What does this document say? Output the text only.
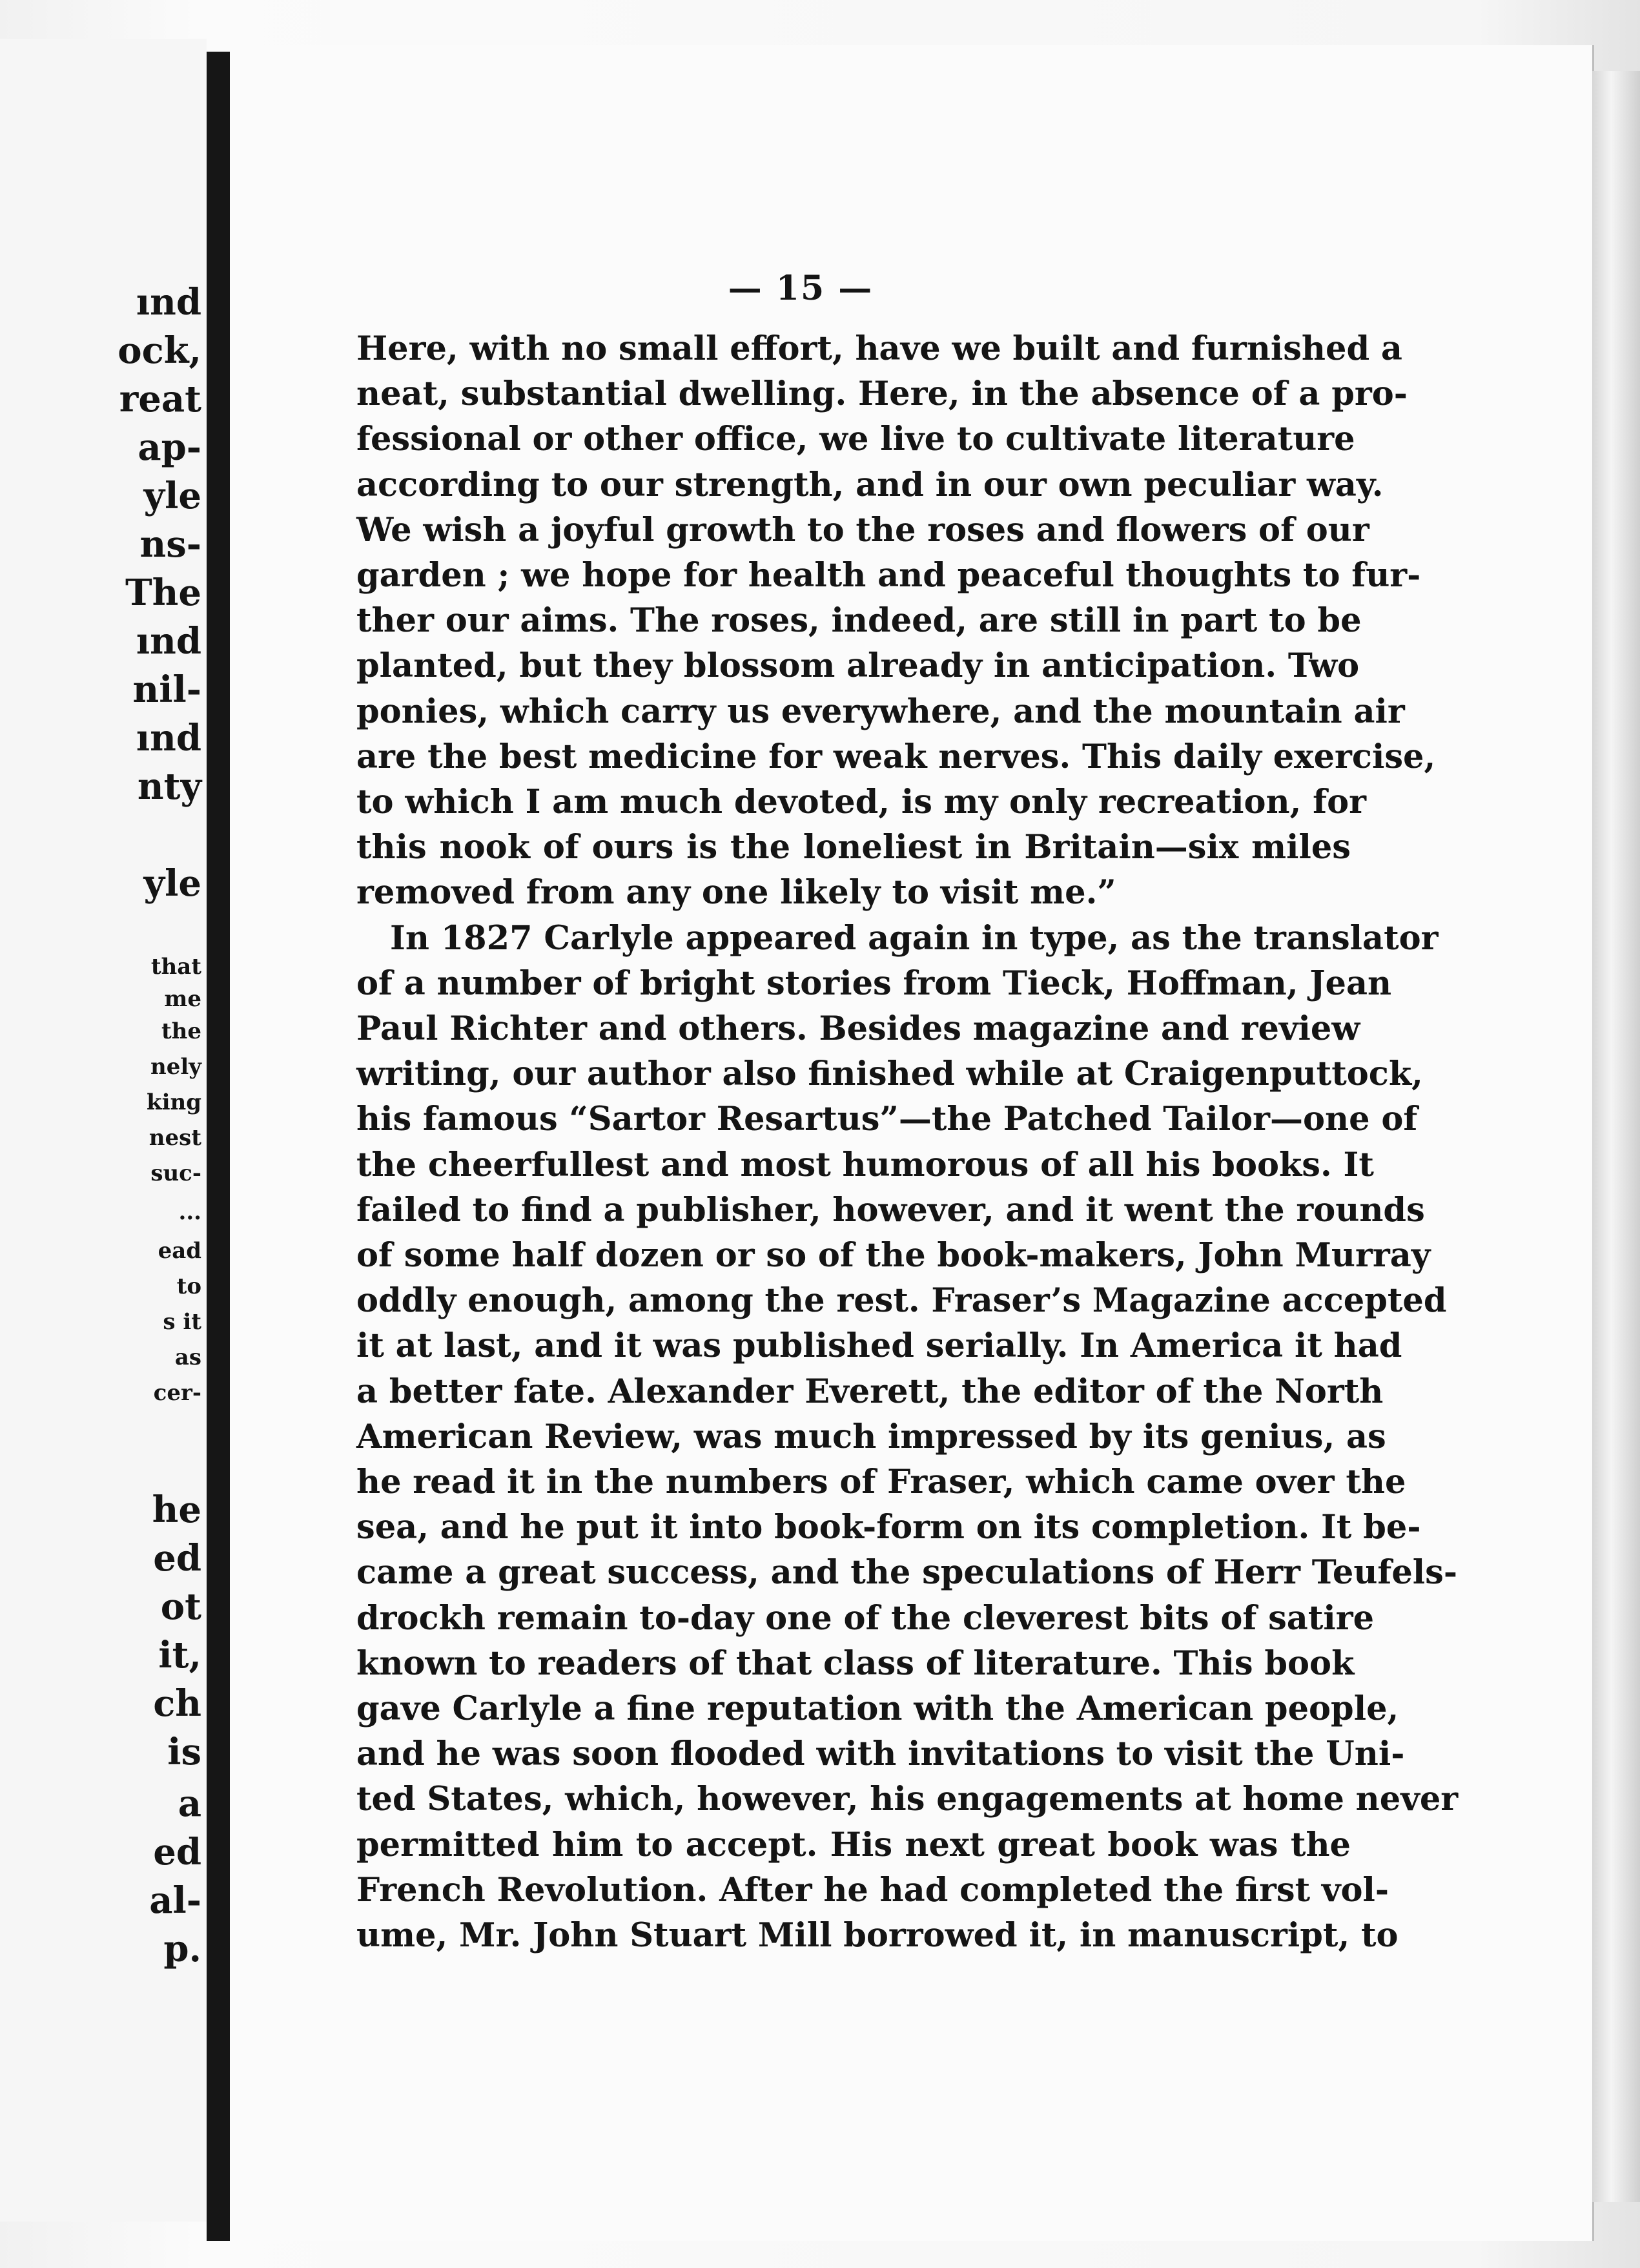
ınd
ock,
reat
ap-
yle
ns-
The
ınd
nil-
ınd
nty
yle
that
me
the
nely
king
nest
suc-
...
ead
to
s it
as
cer-
he
ed
ot
it,
ch
is
a
ed
al-
p.
— 15 —
Here, with no small effort, have we built and furnished a
neat, substantial dwelling. Here, in the absence of a pro-
fessional or other office, we live to cultivate literature
according to our strength, and in our own peculiar way.
We wish a joyful growth to the roses and flowers of our
garden ; we hope for health and peaceful thoughts to fur-
ther our aims. The roses, indeed, are still in part to be
planted, but they blossom already in anticipation. Two
ponies, which carry us everywhere, and the mountain air
are the best medicine for weak nerves. This daily exercise,
to which I am much devoted, is my only recreation, for
this nook of ours is the loneliest in Britain—six miles
removed from any one likely to visit me.”
In 1827 Carlyle appeared again in type, as the translator
of a number of bright stories from Tieck, Hoffman, Jean
Paul Richter and others. Besides magazine and review
writing, our author also finished while at Craigenputtock,
his famous “Sartor Resartus”—the Patched Tailor—one of
the cheerfullest and most humorous of all his books. It
failed to find a publisher, however, and it went the rounds
of some half dozen or so of the book-makers, John Murray
oddly enough, among the rest. Fraser’s Magazine accepted
it at last, and it was published serially. In America it had
a better fate. Alexander Everett, the editor of the North
American Review, was much impressed by its genius, as
he read it in the numbers of Fraser, which came over the
sea, and he put it into book-form on its completion. It be-
came a great success, and the speculations of Herr Teufels-
drockh remain to-day one of the cleverest bits of satire
known to readers of that class of literature. This book
gave Carlyle a fine reputation with the American people,
and he was soon flooded with invitations to visit the Uni-
ted States, which, however, his engagements at home never
permitted him to accept. His next great book was the
French Revolution. After he had completed the first vol-
ume, Mr. John Stuart Mill borrowed it, in manuscript, to
